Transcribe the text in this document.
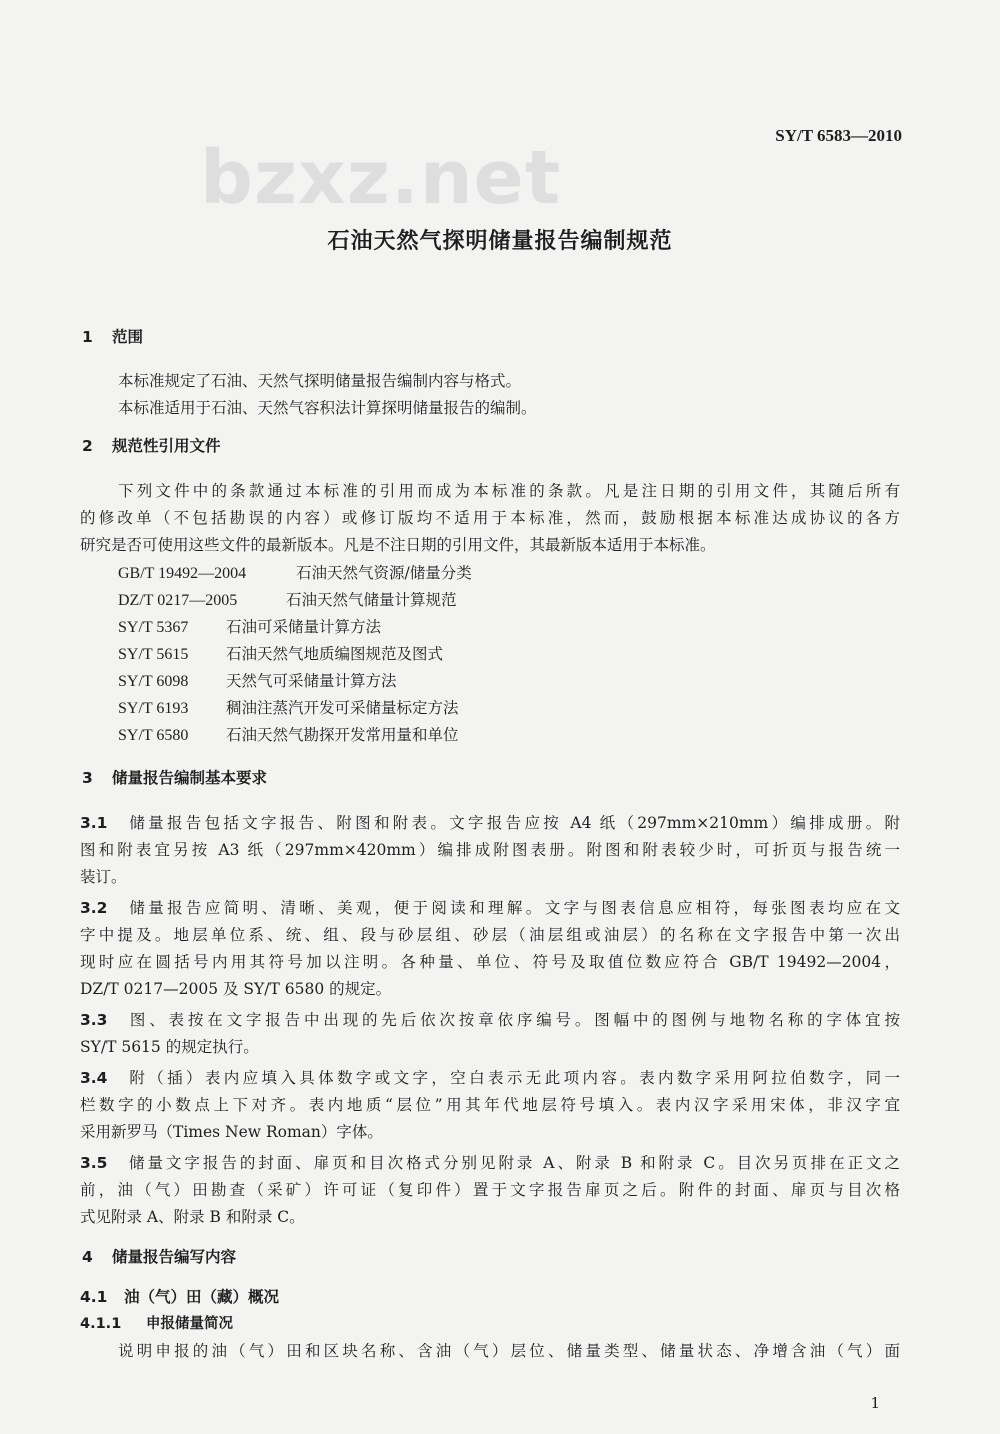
bzxz.net	SY/T 6583—2010
石油天然气探明储量报告编制规范
1 范围
本标准规定了石油、天然气探明储量报告编制内容与格式。
本标准适用于石油、天然气容积法计算探明储量报告的编制。
2 规范性引用文件
下列文件中的条款通过本标准的引用而成为本标准的条款。凡是注日期的引用文件，其随后所有
的修改单（不包括勘误的内容）或修订版均不适用于本标准，然而，鼓励根据本标准达成协议的各方
研究是否可使用这些文件的最新版本。凡是不注日期的引用文件，其最新版本适用于本标准。
GB/T 19492—2004	石油天然气资源/储量分类
DZ/T 0217—2005	石油天然气储量计算规范
SY/T 5367 石油可采储量计算方法
SY/T 5615 石油天然气地质编图规范及图式
SY/T 6098 天然气可采储量计算方法
SY/T 6193 稠油注蒸汽开发可采储量标定方法
SY/T 6580 石油天然气勘探开发常用量和单位
3 储量报告编制基本要求
3.1 储量报告包括文字报告、附图和附表。文字报告应按 A4 纸（297mm×210mm）编排成册。附
图和附表宜另按 A3 纸（297mm×420mm）编排成附图表册。附图和附表较少时，可折页与报告统一
装订。
3.2 储量报告应简明、清晰、美观，便于阅读和理解。文字与图表信息应相符，每张图表均应在文
字中提及。地层单位系、统、组、段与砂层组、砂层（油层组或油层）的名称在文字报告中第一次出
现时应在圆括号内用其符号加以注明。各种量、单位、符号及取值位数应符合 GB/T 19492—2004，
DZ/T 0217—2005 及 SY/T 6580 的规定。
3.3 图、表按在文字报告中出现的先后依次按章依序编号。图幅中的图例与地物名称的字体宜按
SY/T 5615 的规定执行。
3.4 附（插）表内应填入具体数字或文字，空白表示无此项内容。表内数字采用阿拉伯数字，同一
栏数字的小数点上下对齐。表内地质“层位”用其年代地层符号填入。表内汉字采用宋体，非汉字宜
采用新罗马（Times New Roman）字体。
3.5 储量文字报告的封面、扉页和目次格式分别见附录 A、附录 B 和附录 C。目次另页排在正文之
前，油（气）田勘查（采矿）许可证（复印件）置于文字报告扉页之后。附件的封面、扉页与目次格
式见附录 A、附录 B 和附录 C。
4 储量报告编写内容
4.1 油（气）田（藏）概况
4.1.1 申报储量简况
说明申报的油（气）田和区块名称、含油（气）层位、储量类型、储量状态、净增含油（气）面
1
